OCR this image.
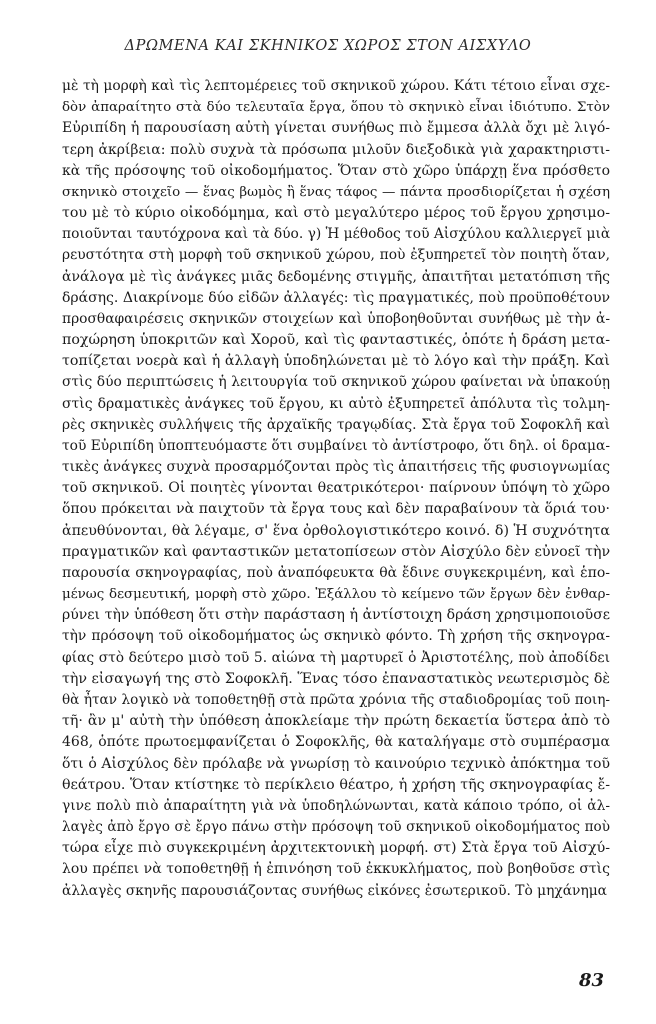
ΔΡΩΜΕΝΑ ΚΑΙ ΣΚΗΝΙΚΟΣ ΧΩΡΟΣ ΣΤΟΝ ΑΙΣΧΥΛΟ
μὲ τὴ μορφὴ καὶ τὶς λεπτομέρειες τοῦ σκηνικοῦ χώρου. Κάτι τέτοιο εἶναι σχε-
δὸν ἀπαραίτητο στὰ δύο τελευταῖα ἔργα, ὅπου τὸ σκηνικὸ εἶναι ἰδιότυπο. Στὸν
Εὐριπίδη ἡ παρουσίαση αὐτὴ γίνεται συνήθως πιὸ ἔμμεσα ἀλλὰ ὄχι μὲ λιγό-
τερη ἀκρίβεια: πολὺ συχνὰ τὰ πρόσωπα μιλοῦν διεξοδικὰ γιὰ χαρακτηριστι-
κὰ τῆς πρόσοψης τοῦ οἰκοδομήματος. Ὅταν στὸ χῶρο ὑπάρχῃ ἕνα πρόσθετο
σκηνικὸ στοιχεῖο — ἕνας βωμὸς ἢ ἕνας τάφος — πάντα προσδιορίζεται ἡ σχέση
του μὲ τὸ κύριο οἰκοδόμημα, καὶ στὸ μεγαλύτερο μέρος τοῦ ἔργου χρησιμο-
ποιοῦνται ταυτόχρονα καὶ τὰ δύο. γ) Ἡ μέθοδος τοῦ Αἰσχύλου καλλιεργεῖ μιὰ
ρευστότητα στὴ μορφὴ τοῦ σκηνικοῦ χώρου, ποὺ ἐξυπηρετεῖ τὸν ποιητὴ ὅταν,
ἀνάλογα μὲ τὶς ἀνάγκες μιᾶς δεδομένης στιγμῆς, ἀπαιτῆται μετατόπιση τῆς
δράσης. Διακρίνομε δύο εἰδῶν ἀλλαγές: τὶς πραγματικές, ποὺ προϋποθέτουν
προσθαφαιρέσεις σκηνικῶν στοιχείων καὶ ὑποβοηθοῦνται συνήθως μὲ τὴν ἀ-
ποχώρηση ὑποκριτῶν καὶ Χοροῦ, καὶ τὶς φανταστικές, ὁπότε ἡ δράση μετα-
τοπίζεται νοερὰ καὶ ἡ ἀλλαγὴ ὑποδηλώνεται μὲ τὸ λόγο καὶ τὴν πράξη. Καὶ
στὶς δύο περιπτώσεις ἡ λειτουργία τοῦ σκηνικοῦ χώρου φαίνεται νὰ ὑπακούῃ
στὶς δραματικὲς ἀνάγκες τοῦ ἔργου, κι αὐτὸ ἐξυπηρετεῖ ἀπόλυτα τὶς τολμη-
ρὲς σκηνικὲς συλλήψεις τῆς ἀρχαϊκῆς τραγῳδίας. Στὰ ἔργα τοῦ Σοφοκλῆ καὶ
τοῦ Εὐριπίδη ὑποπτευόμαστε ὅτι συμβαίνει τὸ ἀντίστροφο, ὅτι δηλ. οἱ δραμα-
τικὲς ἀνάγκες συχνὰ προσαρμόζονται πρὸς τὶς ἀπαιτήσεις τῆς φυσιογνωμίας
τοῦ σκηνικοῦ. Οἱ ποιητὲς γίνονται θεατρικότεροι· παίρνουν ὑπόψη τὸ χῶρο
ὅπου πρόκειται νὰ παιχτοῦν τὰ ἔργα τους καὶ δὲν παραβαίνουν τὰ ὅριά του·
ἀπευθύνονται, θὰ λέγαμε, σ' ἕνα ὀρθολογιστικότερο κοινό. δ) Ἡ συχνότητα
πραγματικῶν καὶ φανταστικῶν μετατοπίσεων στὸν Αἰσχύλο δὲν εὐνοεῖ τὴν
παρουσία σκηνογραφίας, ποὺ ἀναπόφευκτα θὰ ἔδινε συγκεκριμένη, καὶ ἑπο-
μένως δεσμευτική, μορφὴ στὸ χῶρο. Ἐξάλλου τὸ κείμενο τῶν ἔργων δὲν ἐνθαρ-
ρύνει τὴν ὑπόθεση ὅτι στὴν παράσταση ἡ ἀντίστοιχη δράση χρησιμοποιοῦσε
τὴν πρόσοψη τοῦ οἰκοδομήματος ὡς σκηνικὸ φόντο. Τὴ χρήση τῆς σκηνογρα-
φίας στὸ δεύτερο μισὸ τοῦ 5. αἰώνα τὴ μαρτυρεῖ ὁ Ἀριστοτέλης, ποὺ ἀποδίδει
τὴν εἰσαγωγή της στὸ Σοφοκλῆ. Ἕνας τόσο ἐπαναστατικὸς νεωτερισμὸς δὲ
θὰ ἦταν λογικὸ νὰ τοποθετηθῇ στὰ πρῶτα χρόνια τῆς σταδιοδρομίας τοῦ ποιη-
τῆ· ἂν μ' αὐτὴ τὴν ὑπόθεση ἀποκλείαμε τὴν πρώτη δεκαετία ὕστερα ἀπὸ τὸ
468, ὁπότε πρωτοεμφανίζεται ὁ Σοφοκλῆς, θὰ καταλήγαμε στὸ συμπέρασμα
ὅτι ὁ Αἰσχύλος δὲν πρόλαβε νὰ γνωρίσῃ τὸ καινούριο τεχνικὸ ἀπόκτημα τοῦ
θεάτρου. Ὅταν κτίστηκε τὸ περίκλειο θέατρο, ἡ χρήση τῆς σκηνογραφίας ἔ-
γινε πολὺ πιὸ ἀπαραίτητη γιὰ νὰ ὑποδηλώνωνται, κατὰ κάποιο τρόπο, οἱ ἀλ-
λαγὲς ἀπὸ ἔργο σὲ ἔργο πάνω στὴν πρόσοψη τοῦ σκηνικοῦ οἰκοδομήματος ποὺ
τώρα εἶχε πιὸ συγκεκριμένη ἀρχιτεκτονικὴ μορφή. στ) Στὰ ἔργα τοῦ Αἰσχύ-
λου πρέπει νὰ τοποθετηθῇ ἡ ἐπινόηση τοῦ ἐκκυκλήματος, ποὺ βοηθοῦσε στὶς
ἀλλαγὲς σκηνῆς παρουσιάζοντας συνήθως εἰκόνες ἐσωτερικοῦ. Τὸ μηχάνημα
83
